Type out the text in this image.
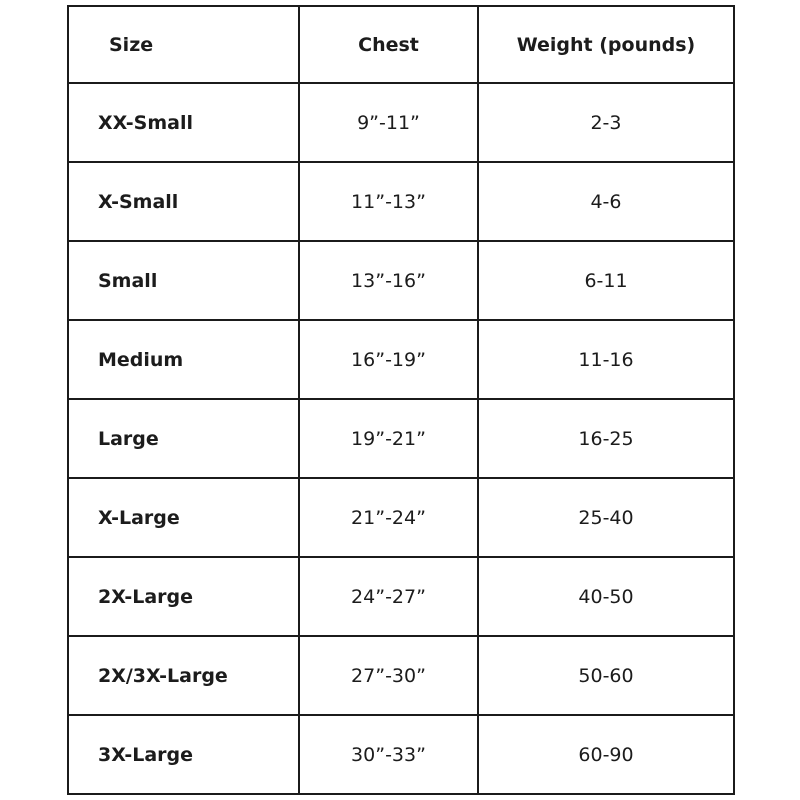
Size	Chest	Weight (pounds)
XX-Small	9”-11”	2-3
X-Small	11”-13”	4-6
Small	13”-16”	6-11
Medium	16”-19”	11-16
Large	19”-21”	16-25
X-Large	21”-24”	25-40
2X-Large	24”-27”	40-50
2X/3X-Large	27”-30”	50-60
3X-Large	30”-33”	60-90
